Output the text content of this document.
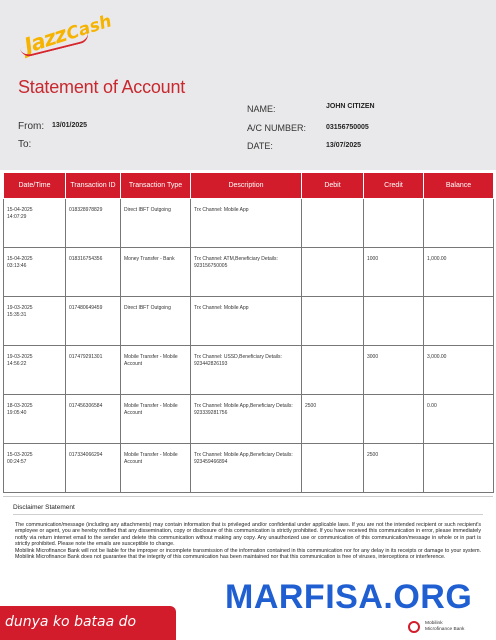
Jazz
Cash
Statement of Account
From: 13/01/2025
To:
NAME:	JOHN CITIZEN
A/C NUMBER:	03156750005
DATE:	13/07/2025
Date/Time	Transaction ID	Transaction Type	Description	Debit	Credit	Balance
15-04-2025
14:07:29	018328978829	Direct IBFT Outgoing	Trx Channel: Mobile App			
15-04-2025
03:13:46	018316754356	Money Transfer - Bank	Trx Channel: ATM,Beneficiary Details: 923156750005		1000	1,000.00
19-03-2025
15:35:31	017480649459	Direct IBFT Outgoing	Trx Channel: Mobile App			
19-03-2025
14:56:22	017479291301	Mobile Transfer - Mobile Account	Trx Channel: USSD,Beneficiary Details: 923442826193		3000	3,000.00
18-03-2025
19:05:40	017456306584	Mobile Transfer - Mobile Account	Trx Channel: Mobile App,Beneficiary Details: 923339281756	2500		0.00
15-03-2025
00:24:57	017334066294	Mobile Transfer - Mobile Account	Trx Channel: Mobile App,Beneficiary Details: 923459466894		2500	
Disclaimer Statement
The communication/message (including any attachments) may contain information that is privileged and/or confidential under applicable laws. If you are not the intended recipient or such recipient's employee or agent, you are hereby notified that any dissemination, copy or disclosure of this communication is strictly prohibited. If you have received this communication in error, please immediately notify via return internet email to the sender and delete this communication without making any copy. Any unauthorized use or communication of this communication/message in whole or in part is strictly prohibited. Please note the emails are susceptible to change.
Mobilink Microfinance Bank will not be liable for the improper or incomplete transmission of the information contained in this communication nor for any delay in its receipts or damage to your system. Mobilink Microfinance Bank does not guarantee that the integrity of this communication has been maintained nor that this communication is free of viruses, interceptions or interference.
dunya ko bataa do
MARFISA.ORG
Mobilink
Microfinance Bank
